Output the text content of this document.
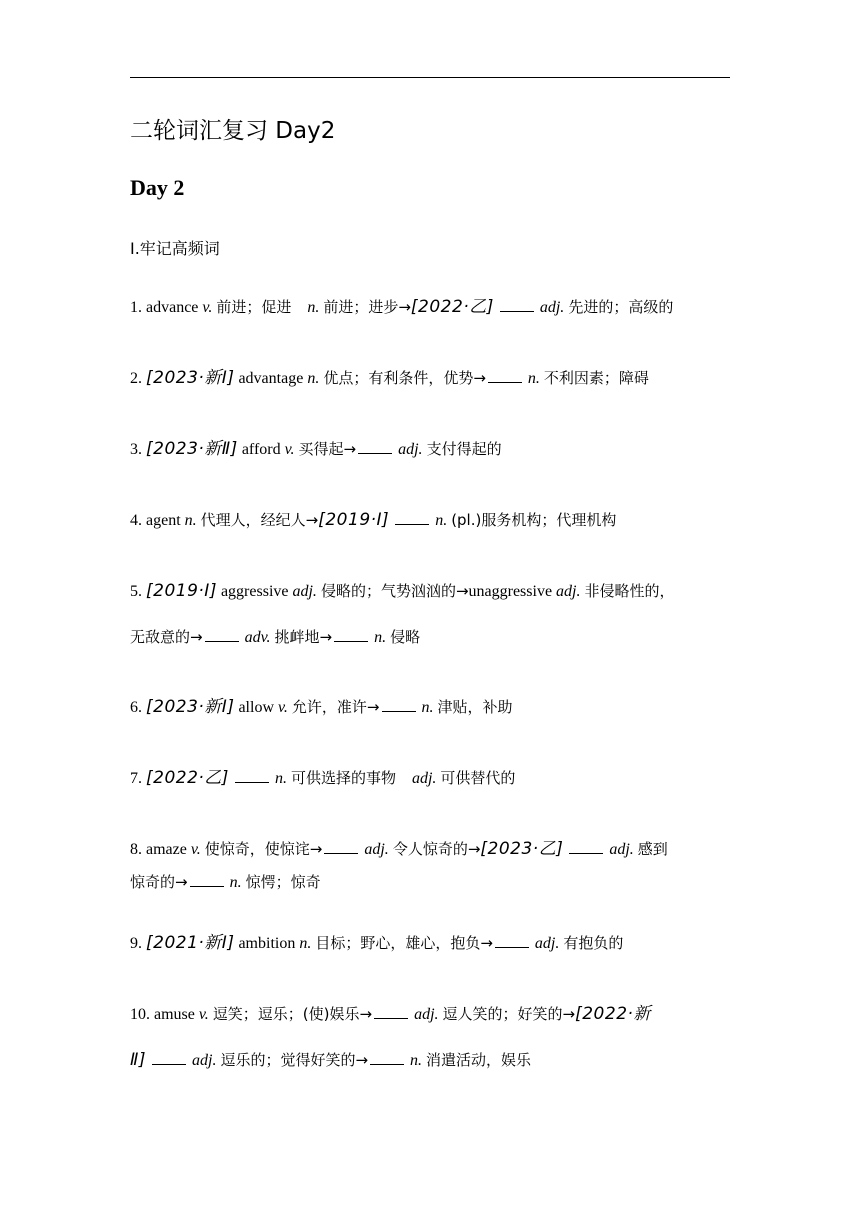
二轮词汇复习 Day2
Day 2
Ⅰ.牢记高频词
1. advance v. 前进；促进 n. 前进；进步→[2022·乙]	adj. 先进的；高级的
2. [2023·新Ⅰ] advantage n. 优点；有利条件，优势→	n. 不利因素；障碍
3. [2023·新Ⅱ] afford v. 买得起→	adj. 支付得起的
4. agent n. 代理人，经纪人→[2019·Ⅰ]	n. (pl.)服务机构；代理机构
5. [2019·Ⅰ] aggressive adj. 侵略的；气势汹汹的→unaggressive adj. 非侵略性的，
无敌意的→	adv. 挑衅地→	n. 侵略
6. [2023·新Ⅰ] allow v. 允许，准许→	n. 津贴，补助
7. [2022·乙]	n. 可供选择的事物 adj. 可供替代的
8. amaze v. 使惊奇，使惊诧→	adj. 令人惊奇的→[2023·乙]	adj. 感到
惊奇的→	n. 惊愕；惊奇
9. [2021·新Ⅰ] ambition n. 目标；野心，雄心，抱负→	adj. 有抱负的
10. amuse v. 逗笑；逗乐；(使)娱乐→	adj. 逗人笑的；好笑的→[2022·新
Ⅱ]	adj. 逗乐的；觉得好笑的→	n. 消遣活动，娱乐
